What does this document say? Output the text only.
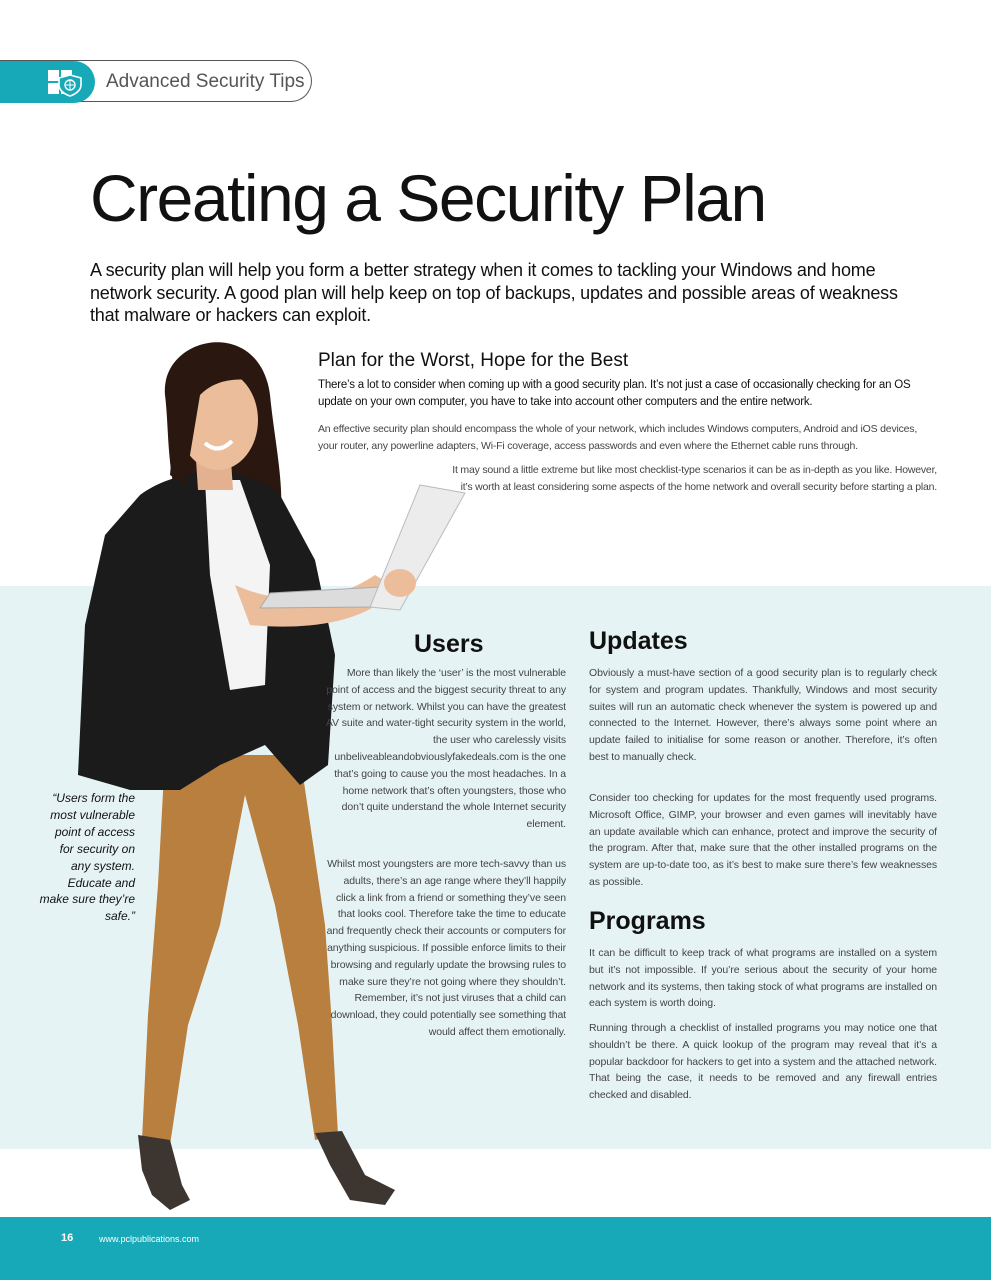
Advanced Security Tips
Creating a Security Plan

A security plan will help you form a better strategy when it comes to tackling your Windows and home network security. A good plan will help keep on top of backups, updates and possible areas of weakness that malware or hackers can exploit.

Plan for the Worst, Hope for the Best

There’s a lot to consider when coming up with a good security plan. It’s not just a case of occasionally checking for an OS update on your own computer, you have to take into account other computers and the entire network.

An effective security plan should encompass the whole of your network, which includes Windows computers, Android and iOS devices, your router, any powerline adapters, Wi-Fi coverage, access passwords and even where the Ethernet cable runs through.

It may sound a little extreme but like most checklist-type scenarios it can be as in-depth as you like. However, it’s worth at least considering some aspects of the home network and overall security before starting a plan.

“Users form the most vulnerable point of access for security on any system. Educate and make sure they’re safe.”

Users

More than likely the ‘user’ is the most vulnerable point of access and the biggest security threat to any system or network. Whilst you can have the greatest AV suite and water-tight security system in the world, the user who carelessly visits unbeliveableandobviouslyfakedeals.com is the one that’s going to cause you the most headaches. In a home network that’s often youngsters, those who don’t quite understand the whole Internet security element.

Whilst most youngsters are more tech-savvy than us adults, there’s an age range where they’ll happily click a link from a friend or something they’ve seen that looks cool. Therefore take the time to educate and frequently check their accounts or computers for anything suspicious. If possible enforce limits to their browsing and regularly update the browsing rules to make sure they’re not going where they shouldn’t. Remember, it’s not just viruses that a child can download, they could potentially see something that would affect them emotionally.

Updates

Obviously a must-have section of a good security plan is to regularly check for system and program updates. Thankfully, Windows and most security suites will run an automatic check whenever the system is powered up and connected to the Internet. However, there’s always some point where an update failed to initialise for some reason or another. Therefore, it’s often best to manually check.

Consider too checking for updates for the most frequently used programs. Microsoft Office, GIMP, your browser and even games will inevitably have an update available which can enhance, protect and improve the security of the program. After that, make sure that the other installed programs on the system are up-to-date too, as it’s best to make sure there’s few weaknesses as possible.

Programs

It can be difficult to keep track of what programs are installed on a system but it’s not impossible. If you’re serious about the security of your home network and its systems, then taking stock of what programs are installed on each system is worth doing.

Running through a checklist of installed programs you may notice one that shouldn’t be there. A quick lookup of the program may reveal that it’s a popular backdoor for hackers to get into a system and the attached network. That being the case, it needs to be removed and any firewall entries checked and disabled.

16	www.pclpublications.com
